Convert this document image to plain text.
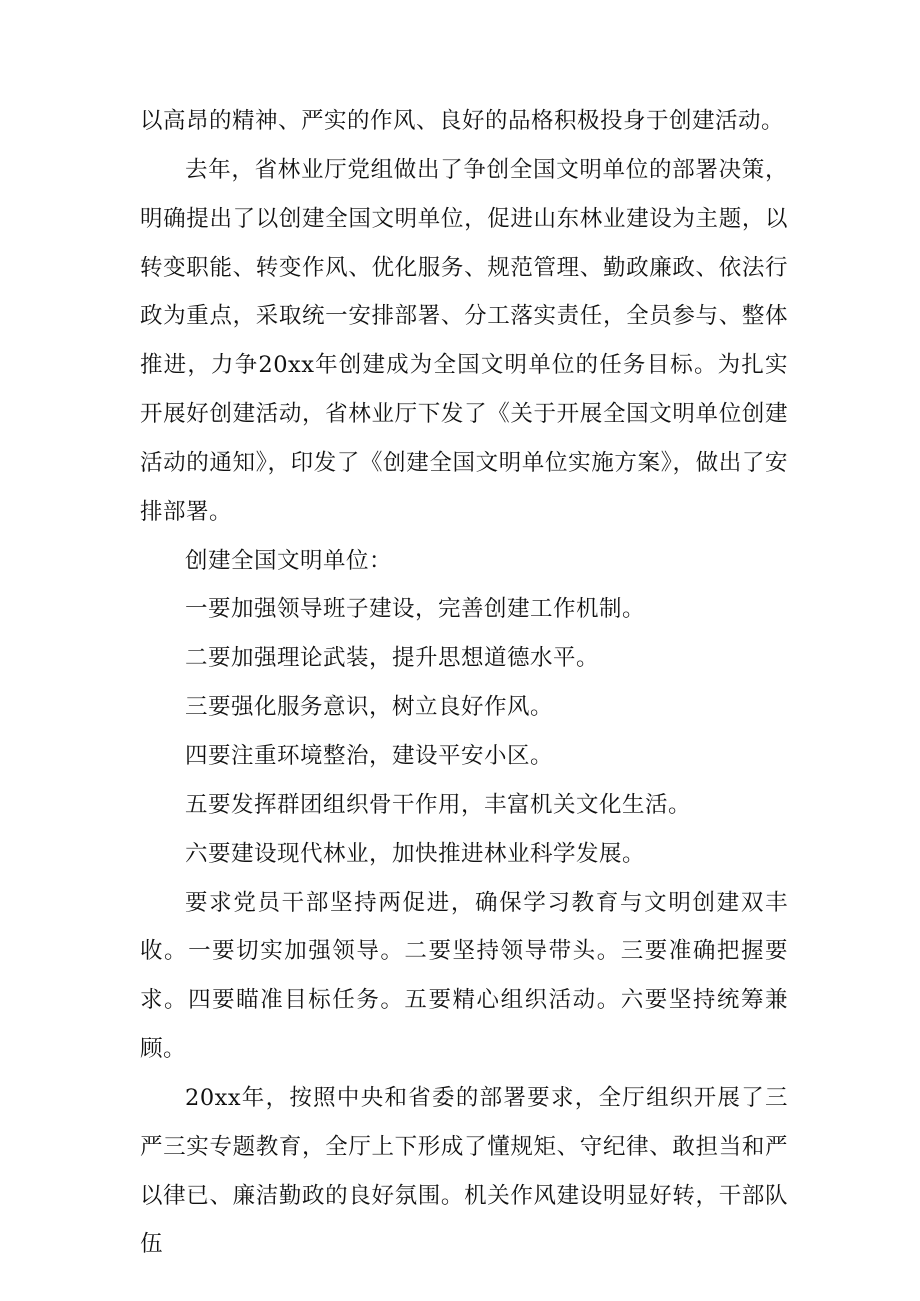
以高昂的精神、严实的作风、良好的品格积极投身于创建活动。

去年，省林业厅党组做出了争创全国文明单位的部署决策，明确提出了以创建全国文明单位，促进山东林业建设为主题，以转变职能、转变作风、优化服务、规范管理、勤政廉政、依法行政为重点，采取统一安排部署、分工落实责任，全员参与、整体推进，力争20xx年创建成为全国文明单位的任务目标。为扎实开展好创建活动，省林业厅下发了《关于开展全国文明单位创建活动的通知》，印发了《创建全国文明单位实施方案》，做出了安排部署。

创建全国文明单位：

一要加强领导班子建设，完善创建工作机制。

二要加强理论武装，提升思想道德水平。

三要强化服务意识，树立良好作风。

四要注重环境整治，建设平安小区。

五要发挥群团组织骨干作用，丰富机关文化生活。

六要建设现代林业，加快推进林业科学发展。

要求党员干部坚持两促进，确保学习教育与文明创建双丰收。一要切实加强领导。二要坚持领导带头。三要准确把握要求。四要瞄准目标任务。五要精心组织活动。六要坚持统筹兼顾。

20xx年，按照中央和省委的部署要求，全厅组织开展了三严三实专题教育，全厅上下形成了懂规矩、守纪律、敢担当和严以律已、廉洁勤政的良好氛围。机关作风建设明显好转，干部队伍
